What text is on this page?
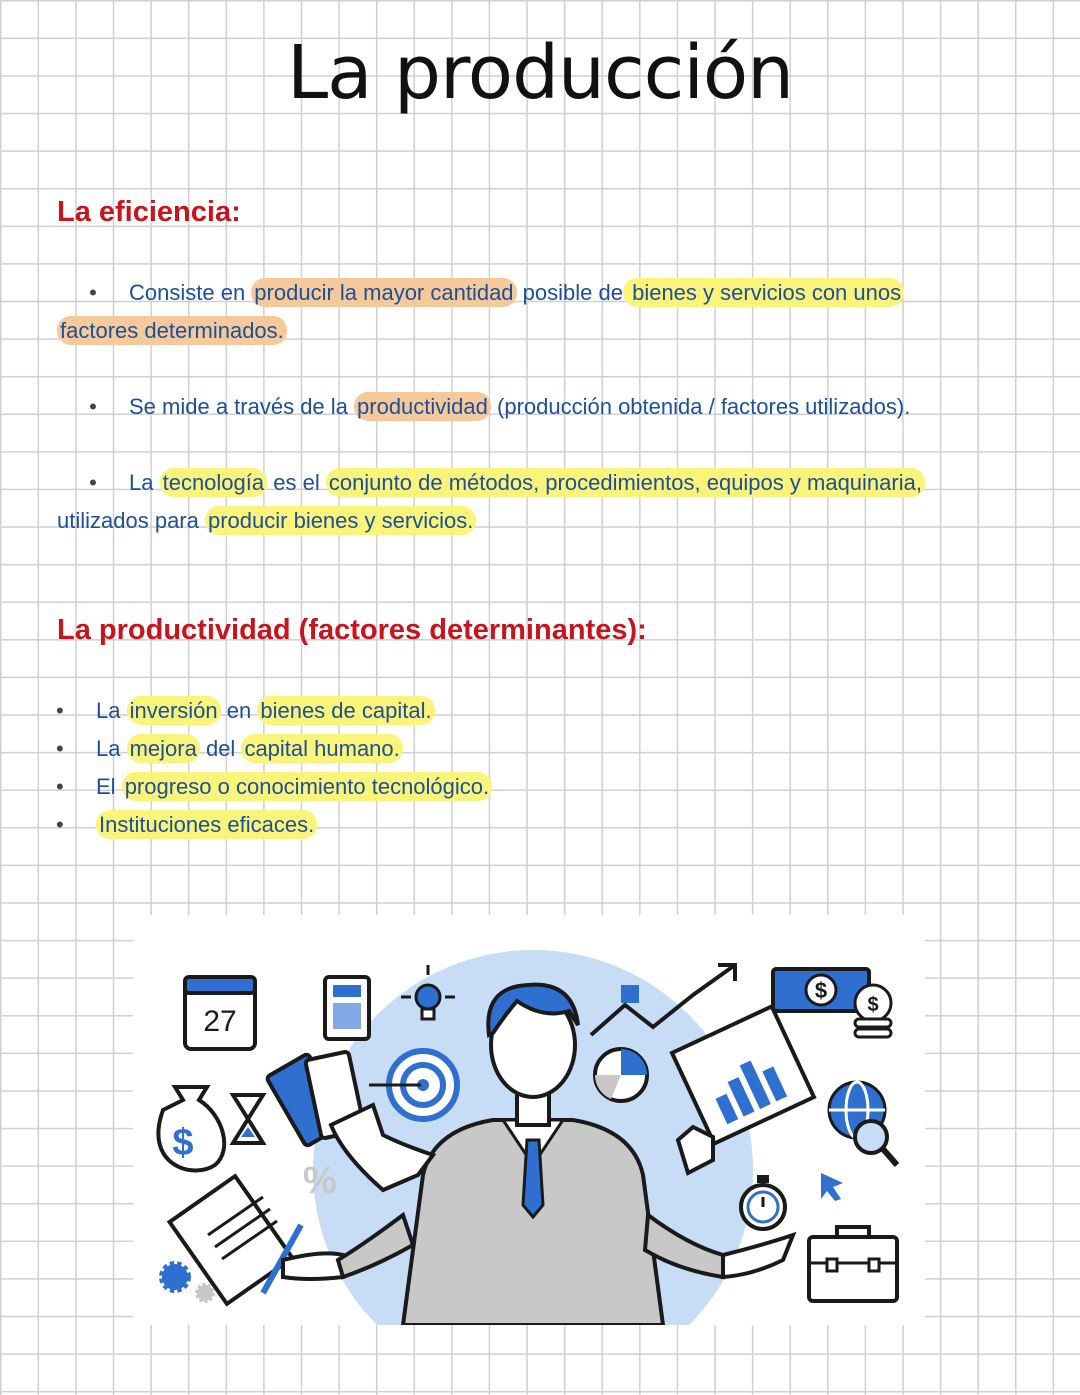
La producción
La eficiencia:

• Consiste en producir la mayor cantidad posible de bienes y servicios con unos
factores determinados.

• Se mide a través de la productividad (producción obtenida / factores utilizados).

• La tecnología es el conjunto de métodos, procedimientos, equipos y maquinaria,
utilizados para producir bienes y servicios.

La productividad (factores determinantes):
• La inversión en bienes de capital.
• La mejora del capital humano.
• El progreso o conocimiento tecnológico.
• Instituciones eficaces.
27
$
$
$
%
